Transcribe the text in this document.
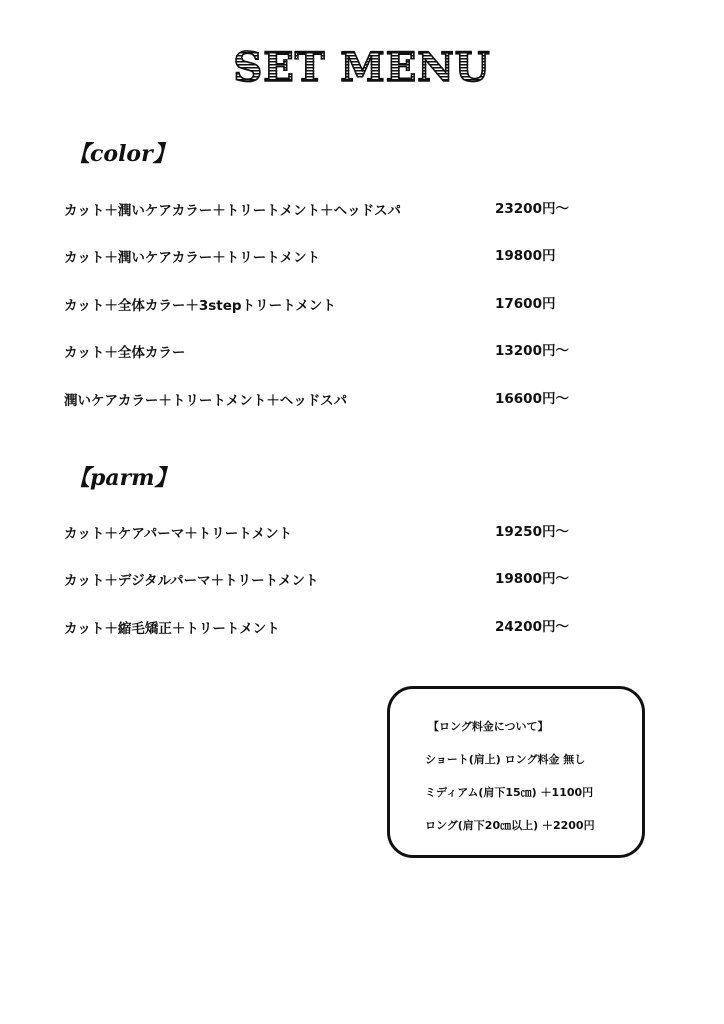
SET MENU
【color】
カット＋潤いケアカラー＋トリートメント＋ヘッドスパ	23200円〜
カット＋潤いケアカラー＋トリートメント	19800円
カット＋全体カラー＋3stepトリートメント	17600円
カット＋全体カラー	13200円〜
潤いケアカラー＋トリートメント＋ヘッドスパ	16600円〜
【parm】
カット＋ケアパーマ＋トリートメント	19250円〜
カット＋デジタルパーマ＋トリートメント	19800円〜
カット＋縮毛矯正＋トリートメント	24200円〜
【ロング料金について】
ショート(肩上) ロング料金 無し
ミディアム(肩下15㎝) ＋1100円
ロング(肩下20㎝以上) ＋2200円
